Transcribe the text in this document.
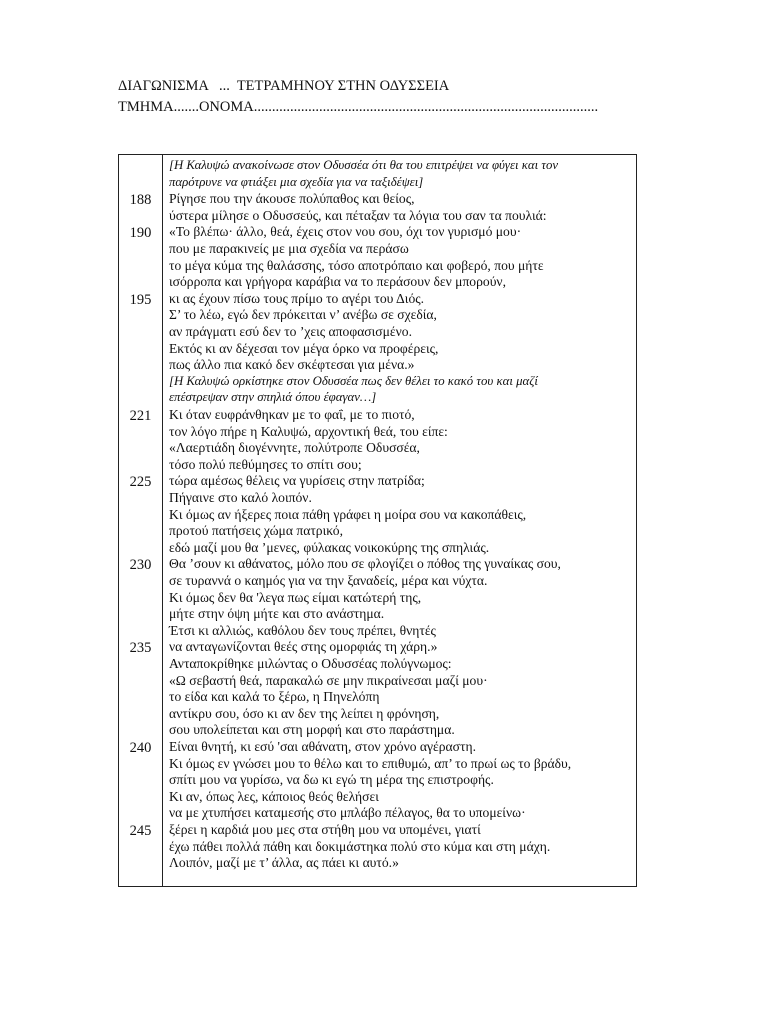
ΔΙΑΓΩΝΙΣΜΑ   ...  ΤΕΤΡΑΜΗΝΟΥ ΣΤΗΝ ΟΔΥΣΣΕΙΑ
ΤΜΗΜΑ.......ΟΝΟΜΑ...............................................................................................
188
190
195
221
225
230
235
240
245
[Η Καλυψώ ανακοίνωσε στον Οδυσσέα ότι θα του επιτρέψει να φύγει και τον
παρότρυνε να φτιάξει μια σχεδία για να ταξιδέψει]
Ρίγησε που την άκουσε πολύπαθος και θείος,
ύστερα μίλησε ο Οδυσσεύς, και πέταξαν τα λόγια του σαν τα πουλιά:
«Το βλέπω· άλλο, θεά, έχεις στον νου σου, όχι τον γυρισμό μου·
που με παρακινείς με μια σχεδία να περάσω
το μέγα κύμα της θαλάσσης, τόσο αποτρόπαιο και φοβερό, που μήτε
ισόρροπα και γρήγορα καράβια να το περάσουν δεν μπορούν,
κι ας έχουν πίσω τους πρίμο το αγέρι του Διός.
Σ’ το λέω, εγώ δεν πρόκειται ν’ ανέβω σε σχεδία,
αν πράγματι εσύ δεν το ’χεις αποφασισμένο.
Εκτός κι αν δέχεσαι τον μέγα όρκο να προφέρεις,
πως άλλο πια κακό δεν σκέφτεσαι για μένα.»
[Η Καλυψώ ορκίστηκε στον Οδυσσέα πως δεν θέλει το κακό του και μαζί
επέστρεψαν στην σπηλιά όπου έφαγαν…]
Κι όταν ευφράνθηκαν με το φαΐ, με το πιοτό,
τον λόγο πήρε η Καλυψώ, αρχοντική θεά, του είπε:
«Λαερτιάδη διογέννητε, πολύτροπε Οδυσσέα,
τόσο πολύ πεθύμησες το σπίτι σου;
τώρα αμέσως θέλεις να γυρίσεις στην πατρίδα;
Πήγαινε στο καλό λοιπόν.
Κι όμως αν ήξερες ποια πάθη γράφει η μοίρα σου να κακοπάθεις,
προτού πατήσεις χώμα πατρικό,
εδώ μαζί μου θα ’μενες, φύλακας νοικοκύρης της σπηλιάς.
Θα ’σουν κι αθάνατος, μόλο που σε φλογίζει ο πόθος της γυναίκας σου,
σε τυραννά ο καημός για να την ξαναδείς, μέρα και νύχτα.
Κι όμως δεν θα 'λεγα πως είμαι κατώτερή της,
μήτε στην όψη μήτε και στο ανάστημα.
Έτσι κι αλλιώς, καθόλου δεν τους πρέπει, θνητές
να ανταγωνίζονται θεές στης ομορφιάς τη χάρη.»
Ανταποκρίθηκε μιλώντας ο Οδυσσέας πολύγνωμος:
«Ω σεβαστή θεά, παρακαλώ σε μην πικραίνεσαι μαζί μου·
το είδα και καλά το ξέρω, η Πηνελόπη
αντίκρυ σου, όσο κι αν δεν της λείπει η φρόνηση,
σου υπολείπεται και στη μορφή και στο παράστημα.
Είναι θνητή, κι εσύ 'σαι αθάνατη, στον χρόνο αγέραστη.
Κι όμως εν γνώσει μου το θέλω και το επιθυμώ, απ’ το πρωί ως το βράδυ,
σπίτι μου να γυρίσω, να δω κι εγώ τη μέρα της επιστροφής.
Κι αν, όπως λες, κάποιος θεός θελήσει
να με χτυπήσει καταμεσής στο μπλάβο πέλαγος, θα το υπομείνω·
ξέρει η καρδιά μου μες στα στήθη μου να υπομένει, γιατί
έχω πάθει πολλά πάθη και δοκιμάστηκα πολύ στο κύμα και στη μάχη.
Λοιπόν, μαζί με τ’ άλλα, ας πάει κι αυτό.»
